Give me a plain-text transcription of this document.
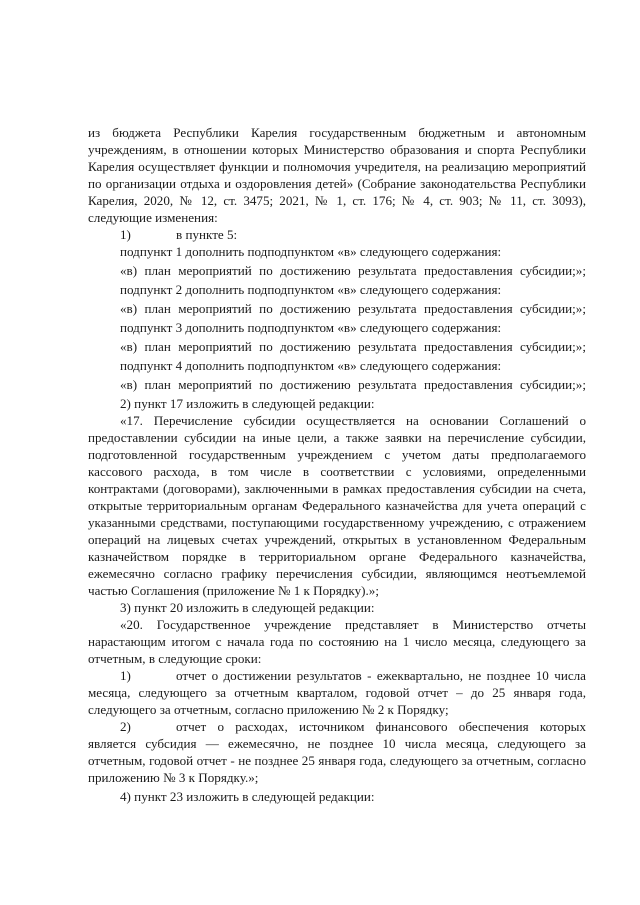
из бюджета Республики Карелия государственным бюджетным и автономным учреждениям, в отношении которых Министерство образования и спорта Республики Карелия осуществляет функции и полномочия учредителя, на реализацию мероприятий по организации отдыха и оздоровления детей» (Собрание законодательства Республики Карелия, 2020, № 12, ст. 3475; 2021, № 1, ст. 176; № 4, ст. 903; № 11, ст. 3093), следующие изменения:

1)	в пункте 5:

подпункт 1 дополнить подподпунктом «в» следующего содержания:

«в) план мероприятий по достижению результата предоставления субсидии;»;

подпункт 2 дополнить подподпунктом «в» следующего содержания:

«в) план мероприятий по достижению результата предоставления субсидии;»;

подпункт 3 дополнить подподпунктом «в» следующего содержания:

«в) план мероприятий по достижению результата предоставления субсидии;»;

подпункт 4 дополнить подподпунктом «в» следующего содержания:

«в) план мероприятий по достижению результата предоставления субсидии;»;

2) пункт 17 изложить в следующей редакции:

«17. Перечисление субсидии осуществляется на основании Соглашений о предоставлении субсидии на иные цели, а также заявки на перечисление субсидии, подготовленной государственным учреждением с учетом даты предполагаемого кассового расхода, в том числе в соответствии с условиями, определенными контрактами (договорами), заключенными в рамках предоставления субсидии на счета, открытые территориальным органам Федерального казначейства для учета операций с указанными средствами, поступающими государственному учреждению, с отражением операций на лицевых счетах учреждений, открытых в установленном Федеральным казначейством порядке в территориальном органе Федерального казначейства, ежемесячно согласно графику перечисления субсидии, являющимся неотъемлемой частью Соглашения (приложение № 1 к Порядку).»;

3) пункт 20 изложить в следующей редакции:

«20. Государственное учреждение представляет в Министерство отчеты нарастающим итогом с начала года по состоянию на 1 число месяца, следующего за отчетным, в следующие сроки:

1)	отчет о достижении результатов - ежеквартально, не позднее 10 числа месяца, следующего за отчетным кварталом, годовой отчет – до 25 января года, следующего за отчетным, согласно приложению № 2 к Порядку;

2)	отчет о расходах, источником финансового обеспечения которых является субсидия — ежемесячно, не позднее 10 числа месяца, следующего за отчетным, годовой отчет - не позднее 25 января года, следующего за отчетным, согласно приложению № 3 к Порядку.»;

4) пункт 23 изложить в следующей редакции:
